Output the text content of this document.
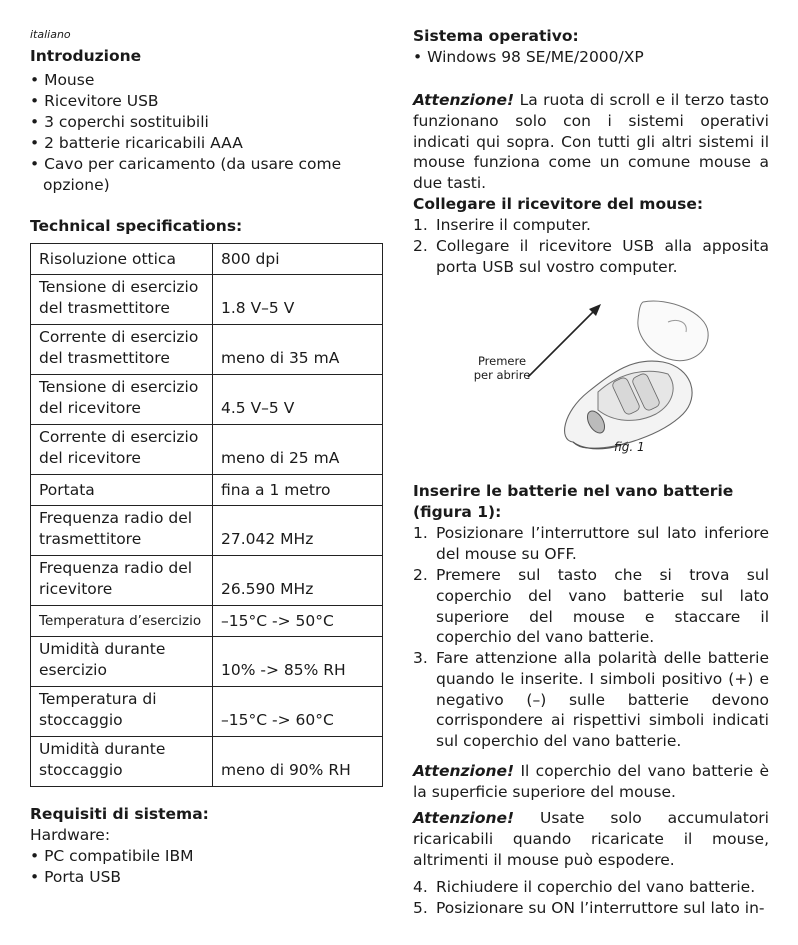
italiano
Introduzione
• Mouse
• Ricevitore USB
• 3 coperchi sostituibili
• 2 batterie ricaricabili AAA
• Cavo per caricamento (da usare come
opzione)
Technical specifications:
Risoluzione ottica	800 dpi

Tensione di esercizio
del trasmettitore	1.8 V–5 V

Corrente di esercizio
del trasmettitore	meno di 35 mA

Tensione di esercizio
del ricevitore	4.5 V–5 V

Corrente di esercizio
del ricevitore	meno di 25 mA

Portata	fina a 1 metro

Frequenza radio del
trasmettitore	27.042 MHz

Frequenza radio del
ricevitore	26.590 MHz

Temperatura d’esercizio	–15°C -> 50°C

Umidità durante
esercizio	10% -> 85% RH

Temperatura di
stoccaggio	–15°C -> 60°C

Umidità durante
stoccaggio	meno di 90% RH
Requisiti di sistema:
Hardware:
• PC compatibile IBM
• Porta USB
Sistema operativo:
• Windows 98 SE/ME/2000/XP
Attenzione! La ruota di scroll e il terzo tasto funzionano solo con i sistemi operativi indicati qui sopra. Con tutti gli altri sistemi il mouse funziona come un comune mouse a due tasti.
Collegare il ricevitore del mouse:
1. Inserire il computer.
2. Collegare il ricevitore USB alla apposita porta USB sul vostro computer.
Premere
per abrire
fig. 1
Inserire le batterie nel vano batterie
(figura 1):
1. Posizionare l’interruttore sul lato inferiore del mouse su OFF.
2. Premere sul tasto che si trova sul coperchio del vano batterie sul lato superiore del mouse e staccare il coperchio del vano batterie.
3. Fare attenzione alla polarità delle batterie quando le inserite. I simboli positivo (+) e negativo (–) sulle batterie devono corrispondere ai rispettivi simboli indicati sul coperchio del vano batterie.
Attenzione! Il coperchio del vano batterie è la superficie superiore del mouse.
Attenzione! Usate solo accumulatori ricaricabili quando ricaricate il mouse, altrimenti il mouse può espodere.
4. Richiudere il coperchio del vano batterie.
5. Posizionare su ON l’interruttore sul lato in-
